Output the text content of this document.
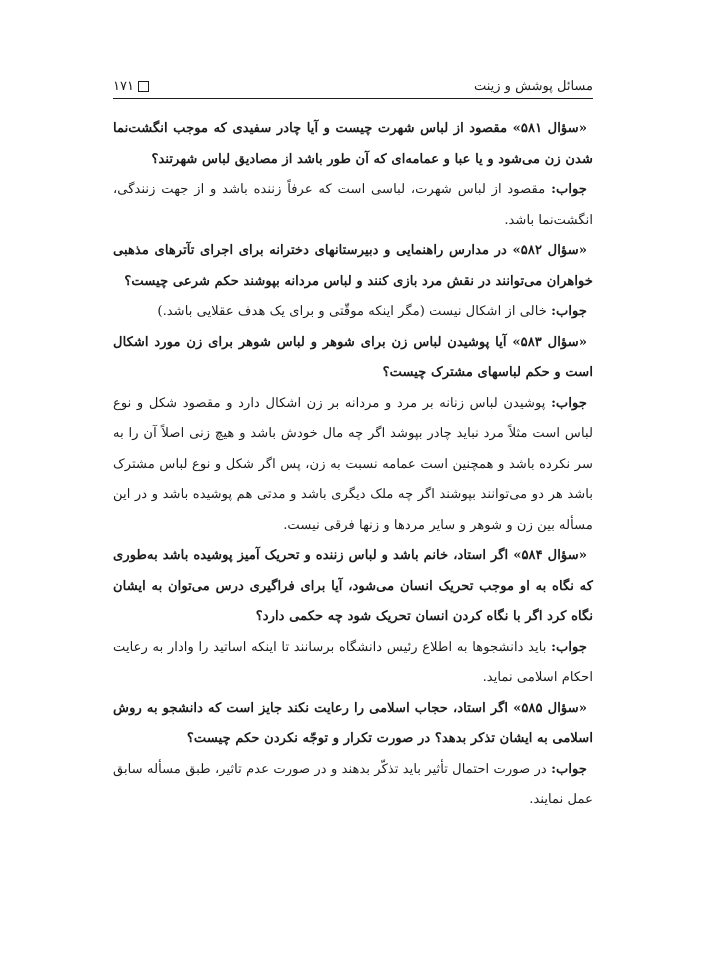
مسائل پوشش و زینت
۱۷۱

«سؤال ۵۸۱» مقصود از لباس شهرت چیست و آیا چادر سفیدی که موجب انگشت‌نما شدن زن می‌شود و یا عبا و عمامه‌ای که آن طور باشد از مصادیق لباس شهرتند؟

جواب: مقصود از لباس شهرت، لباسی است که عرفاً زننده باشد و از جهت زنندگی، انگشت‌نما باشد.

«سؤال ۵۸۲» در مدارس راهنمایی و دبیرستانهای دخترانه برای اجرای تآترهای مذهبی خواهران می‌توانند در نقش مرد بازی کنند و لباس مردانه بپوشند حکم شرعی چیست؟

جواب: خالی از اشکال نیست (مگر اینکه موقّتی و برای یک هدف عقلایی باشد.)

«سؤال ۵۸۳» آیا پوشیدن لباس زن برای شوهر و لباس شوهر برای زن مورد اشکال است و حکم لباسهای مشترک چیست؟

جواب: پوشیدن لباس زنانه بر مرد و مردانه بر زن اشکال دارد و مقصود شکل و نوع لباس است مثلاً مرد نباید چادر بپوشد اگر چه مال خودش باشد و هیچ زنی اصلاً آن را به سر نکرده باشد و همچنین است عمامه نسبت به زن، پس اگر شکل و نوع لباس مشترک باشد هر دو می‌توانند بپوشند اگر چه ملک دیگری باشد و مدتی هم پوشیده باشد و در این مسأله بین زن و شوهر و سایر مردها و زنها فرقی نیست.

«سؤال ۵۸۴» اگر استاد، خانم باشد و لباس زننده و تحریک آمیز پوشیده باشد به‌طوری که نگاه به او موجب تحریک انسان می‌شود، آیا برای فراگیری درس می‌توان به ایشان نگاه کرد اگر با نگاه کردن انسان تحریک شود چه حکمی دارد؟

جواب: باید دانشجوها به اطلاع رئیس دانشگاه برسانند تا اینکه اساتید را وادار به رعایت احکام اسلامی نماید.

«سؤال ۵۸۵» اگر استاد، حجاب اسلامی را رعایت نکند جایز است که دانشجو به روش اسلامی به ایشان تذکر بدهد؟ در صورت تکرار و توجّه نکردن حکم چیست؟

جواب: در صورت احتمال تأثیر باید تذکّر بدهند و در صورت عدم تاثیر، طبق مسأله سابق عمل نمایند.
